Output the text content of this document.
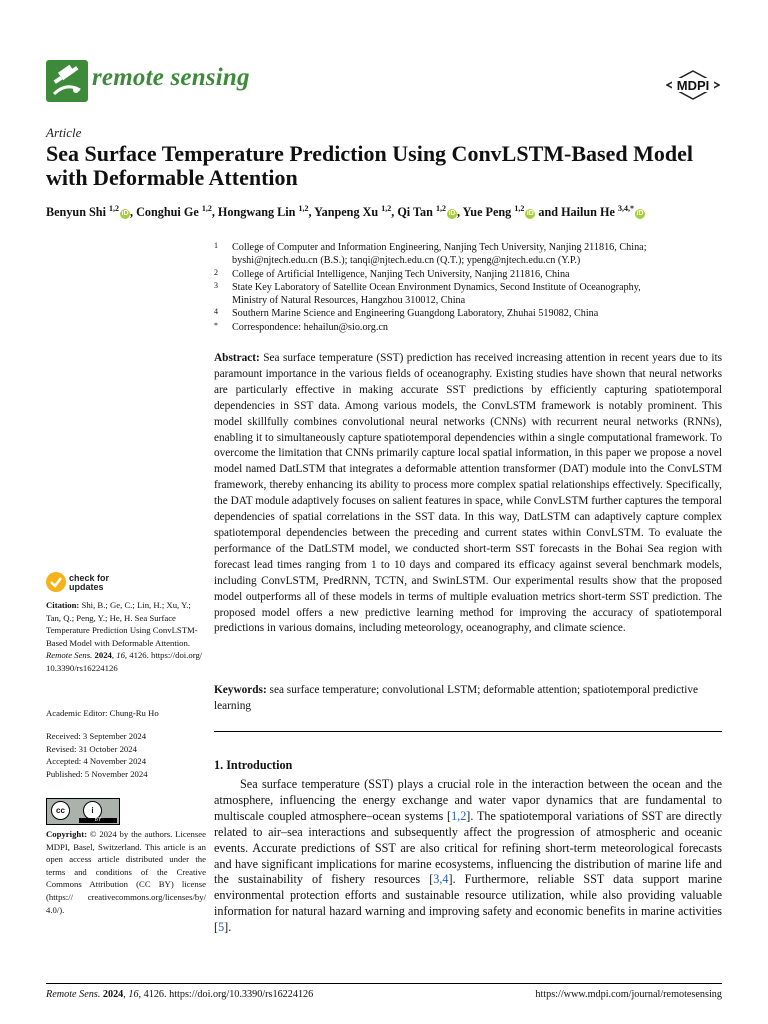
remote sensing	MDPI
Article
Sea Surface Temperature Prediction Using ConvLSTM-Based Model with Deformable Attention
Benyun Shi $^{1,2}$iD , Conghui Ge $^{1,2}$, Hongwang Lin $^{1,2}$, Yanpeng Xu $^{1,2}$, Qi Tan $^{1,2}$iD , Yue Peng $^{1,2}$iD and Hailun He $^{3,4,*}$iD
1 College of Computer and Information Engineering, Nanjing Tech University, Nanjing 211816, China;
byshi@njtech.edu.cn (B.S.); tanqi@njtech.edu.cn (Q.T.); ypeng@njtech.edu.cn (Y.P.)
2 College of Artificial Intelligence, Nanjing Tech University, Nanjing 211816, China
3 State Key Laboratory of Satellite Ocean Environment Dynamics, Second Institute of Oceanography,
Ministry of Natural Resources, Hangzhou 310012, China
4 Southern Marine Science and Engineering Guangdong Laboratory, Zhuhai 519082, China
* Correspondence: hehailun@sio.org.cn
Abstract: Sea surface temperature (SST) prediction has received increasing attention in recent years due to its paramount importance in the various fields of oceanography. Existing studies have shown that neural networks are particularly effective in making accurate SST predictions by efficiently capturing spatiotemporal dependencies in SST data. Among various models, the ConvLSTM framework is notably prominent. This model skillfully combines convolutional neural networks (CNNs) with recurrent neural networks (RNNs), enabling it to simultaneously capture spatiotemporal dependencies within a single computational framework. To overcome the limitation that CNNs primarily capture local spatial information, in this paper we propose a novel model named DatLSTM that integrates a deformable attention transformer (DAT) module into the ConvLSTM framework, thereby enhancing its ability to process more complex spatial relationships effectively. Specifically, the DAT module adaptively focuses on salient features in space, while ConvLSTM further captures the temporal dependencies of spatial correlations in the SST data. In this way, DatLSTM can adaptively capture complex spatiotemporal dependencies between the preceding and current states within ConvLSTM. To evaluate the performance of the DatLSTM model, we conducted short-term SST forecasts in the Bohai Sea region with forecast lead times ranging from 1 to 10 days and compared its efficacy against several benchmark models, including ConvLSTM, PredRNN, TCTN, and SwinLSTM. Our experimental results show that the proposed model outperforms all of these models in terms of multiple evaluation metrics short-term SST prediction. The proposed model offers a new predictive learning method for improving the accuracy of spatiotemporal predictions in various domains, including meteorology, oceanography, and climate science.
Keywords: sea surface temperature; convolutional LSTM; deformable attention; spatiotemporal predictive learning
1. Introduction
Sea surface temperature (SST) plays a crucial role in the interaction between the ocean and the atmosphere, influencing the energy exchange and water vapor dynamics that are fundamental to multiscale coupled atmosphere–ocean systems [1,2]. The spatiotemporal variations of SST are directly related to air–sea interactions and subsequently affect the progression of atmospheric and oceanic events. Accurate predictions of SST are also critical for refining short-term meteorological forecasts and have significant implications for marine ecosystems, influencing the distribution of marine life and the sustainability of fishery resources [3,4]. Furthermore, reliable SST data support marine environmental protection efforts and sustainable resource utilization, while also providing valuable information for natural hazard warning and improving safety and economic benefits in marine activities [5].
check for
updates
Citation: Shi, B.; Ge, C.; Lin, H.; Xu, Y.; Tan, Q.; Peng, Y.; He, H. Sea Surface Temperature Prediction Using ConvLSTM-Based Model with Deformable Attention. Remote Sens. 2024, 16, 4126. https://doi.org/ 10.3390/rs16224126
Academic Editor: Chung-Ru Ho
Received: 3 September 2024
Revised: 31 October 2024
Accepted: 4 November 2024
Published: 5 November 2024
cc	i
BY
Copyright: © 2024 by the authors. Licensee MDPI, Basel, Switzerland. This article is an open access article distributed under the terms and conditions of the Creative Commons Attribution (CC BY) license (https:// creativecommons.org/licenses/by/ 4.0/).
Remote Sens. 2024, 16, 4126. https://doi.org/10.3390/rs16224126	https://www.mdpi.com/journal/remotesensing
